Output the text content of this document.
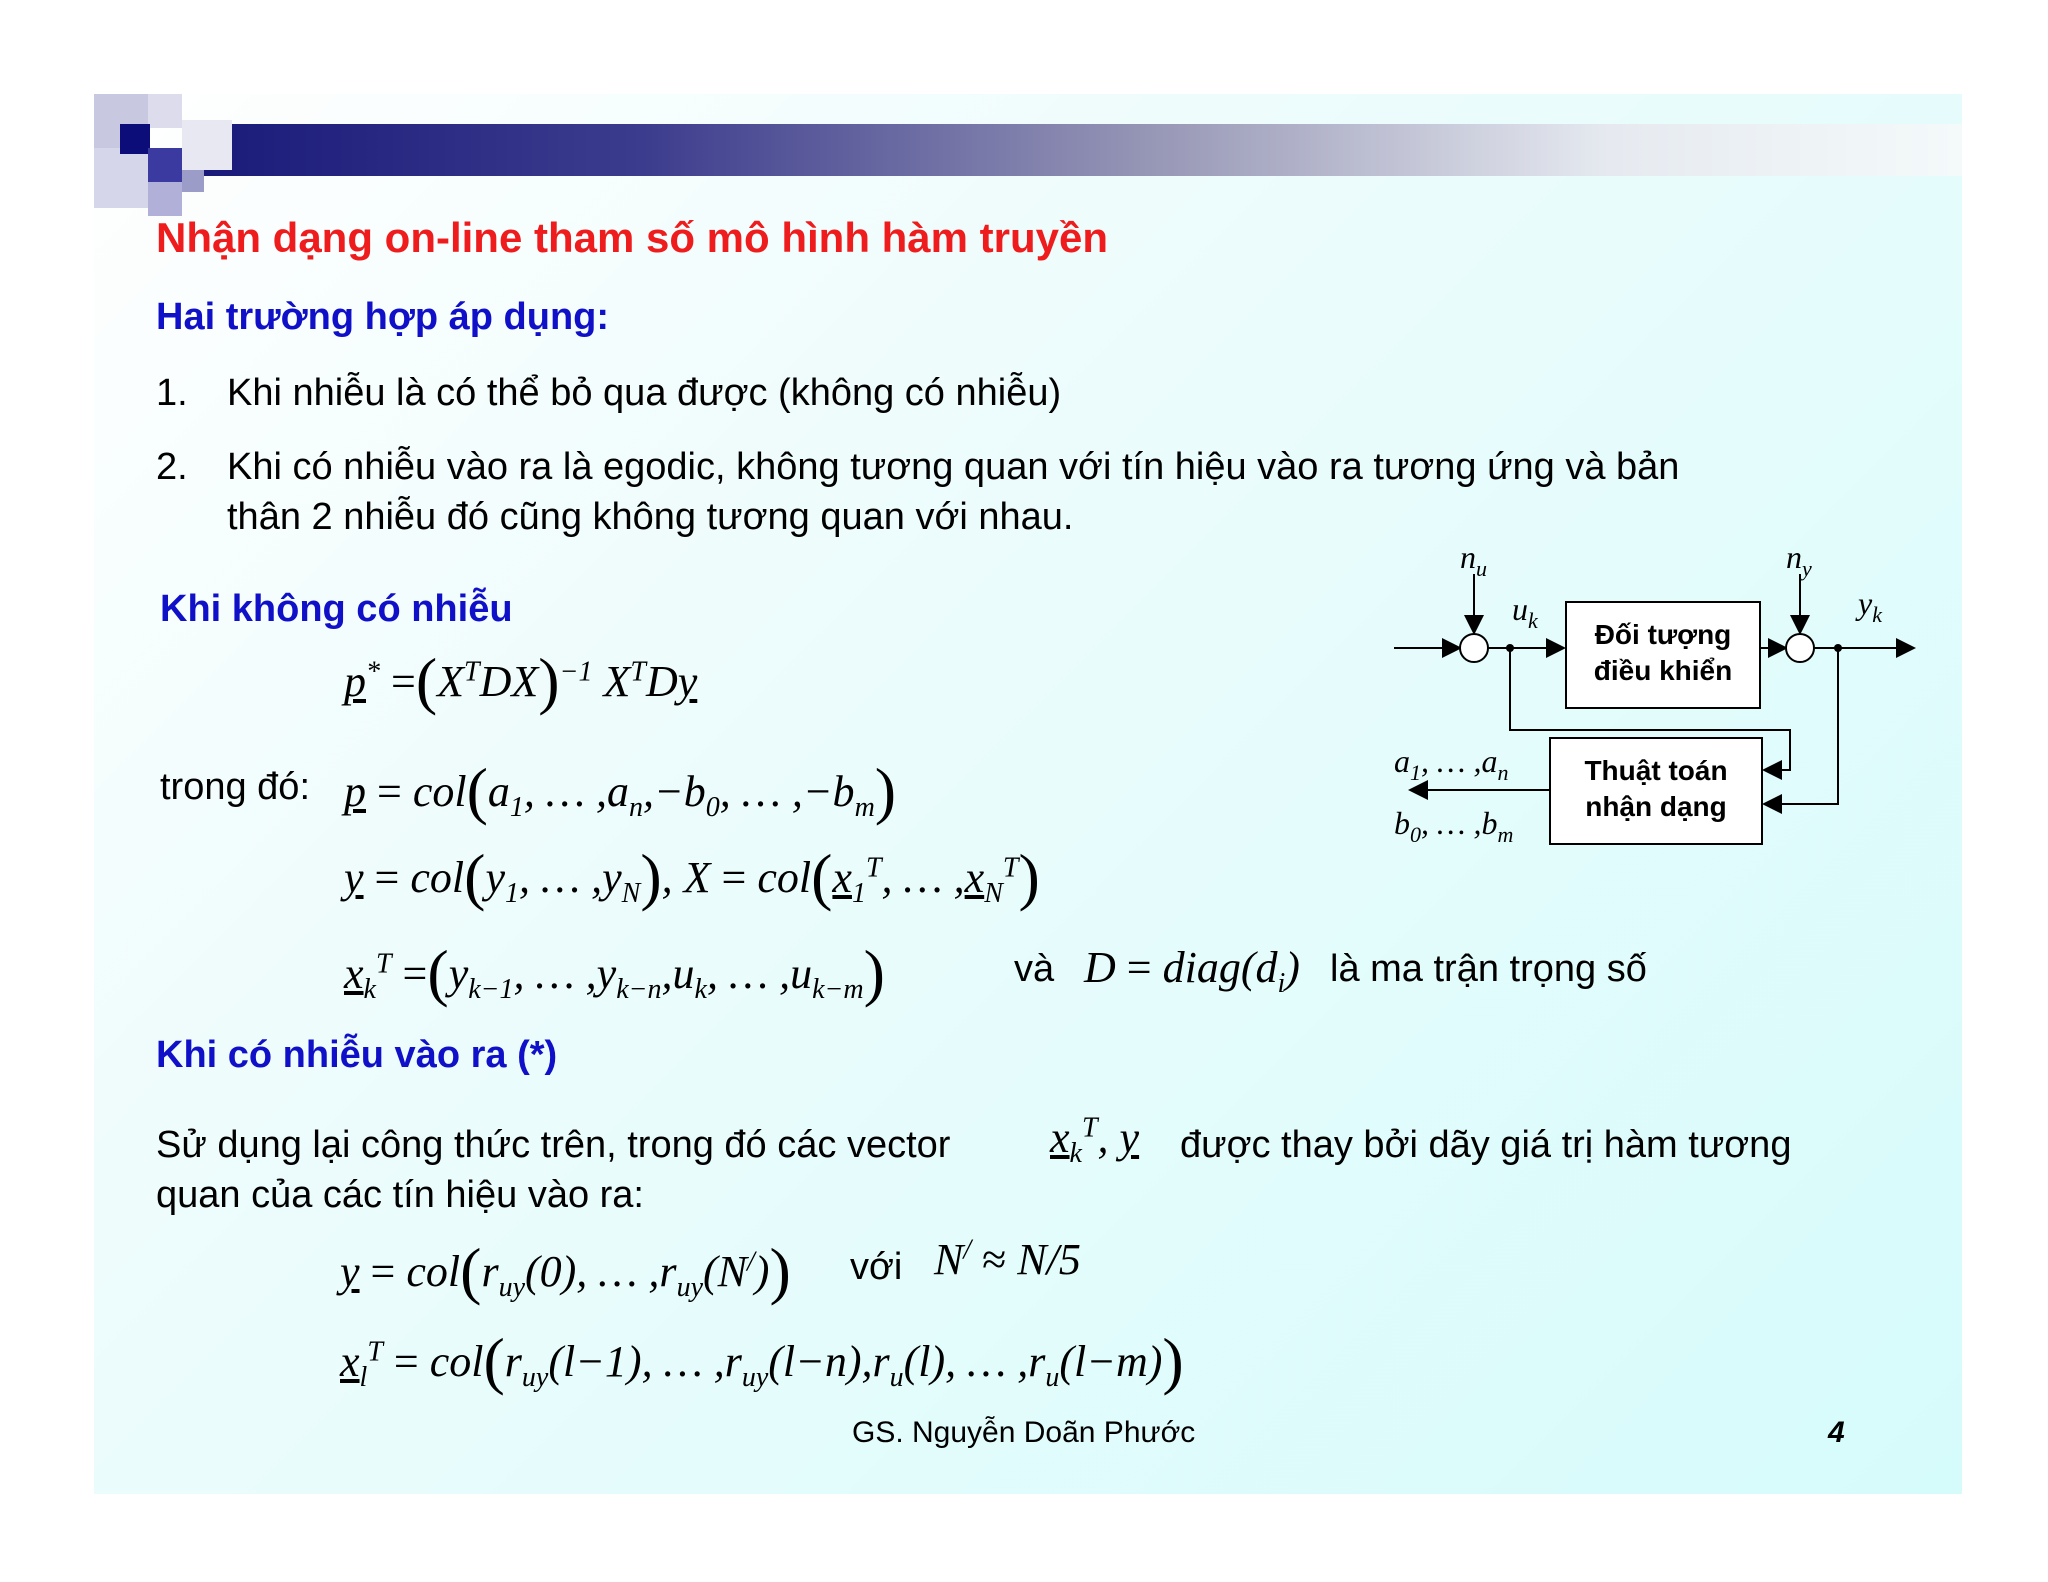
Nhận dạng on-line tham số mô hình hàm truyền
Hai trường hợp áp dụng:
1. Khi nhiễu là có thể bỏ qua được (không có nhiễu)
2. Khi có nhiễu vào ra là egodic, không tương quan với tín hiệu vào ra tương ứng và bản
thân 2 nhiễu đó cũng không tương quan với nhau.
Khi không có nhiễu
$p^* =(X^TDX)^{-1}$ $X^TDy$
trong đó: $p = col(a_1$, … $,a_n,-b_0$, … $,-b_m$)
$y = col(y_1$, … $,y_N$), $X = col(x_1^T$, … $,x_N^T$)
$x_k^T =(y_{k-1}$, … $,y_{k-n},u_k$, … $,u_{k-m}$)	và $D = diag(d_i)$ là ma trận trọng số
Khi có nhiễu vào ra (*)
Sử dụng lại công thức trên, trong đó các vector $x_k^T$, y được thay bởi dãy giá trị hàm tương
quan của các tín hiệu vào ra:
$y = col(r_{uy}(0)$, … $,r_{uy}(N^/)$) với N/ ≈ N/5
$x_l^T = col(r_{uy}(l-1)$, … $,r_{uy}(l-n),r_u(l)$, … $,r_u(l-m)$)
$n_u$
$u_k$ Đối tượng
điều khiển
$n_y$
$y_k$
Thuật toán
nhận dạng
$a_1$, … $,a_n$
$b_0$, … $,b_m$
GS. Nguyễn Doãn Phước	4
